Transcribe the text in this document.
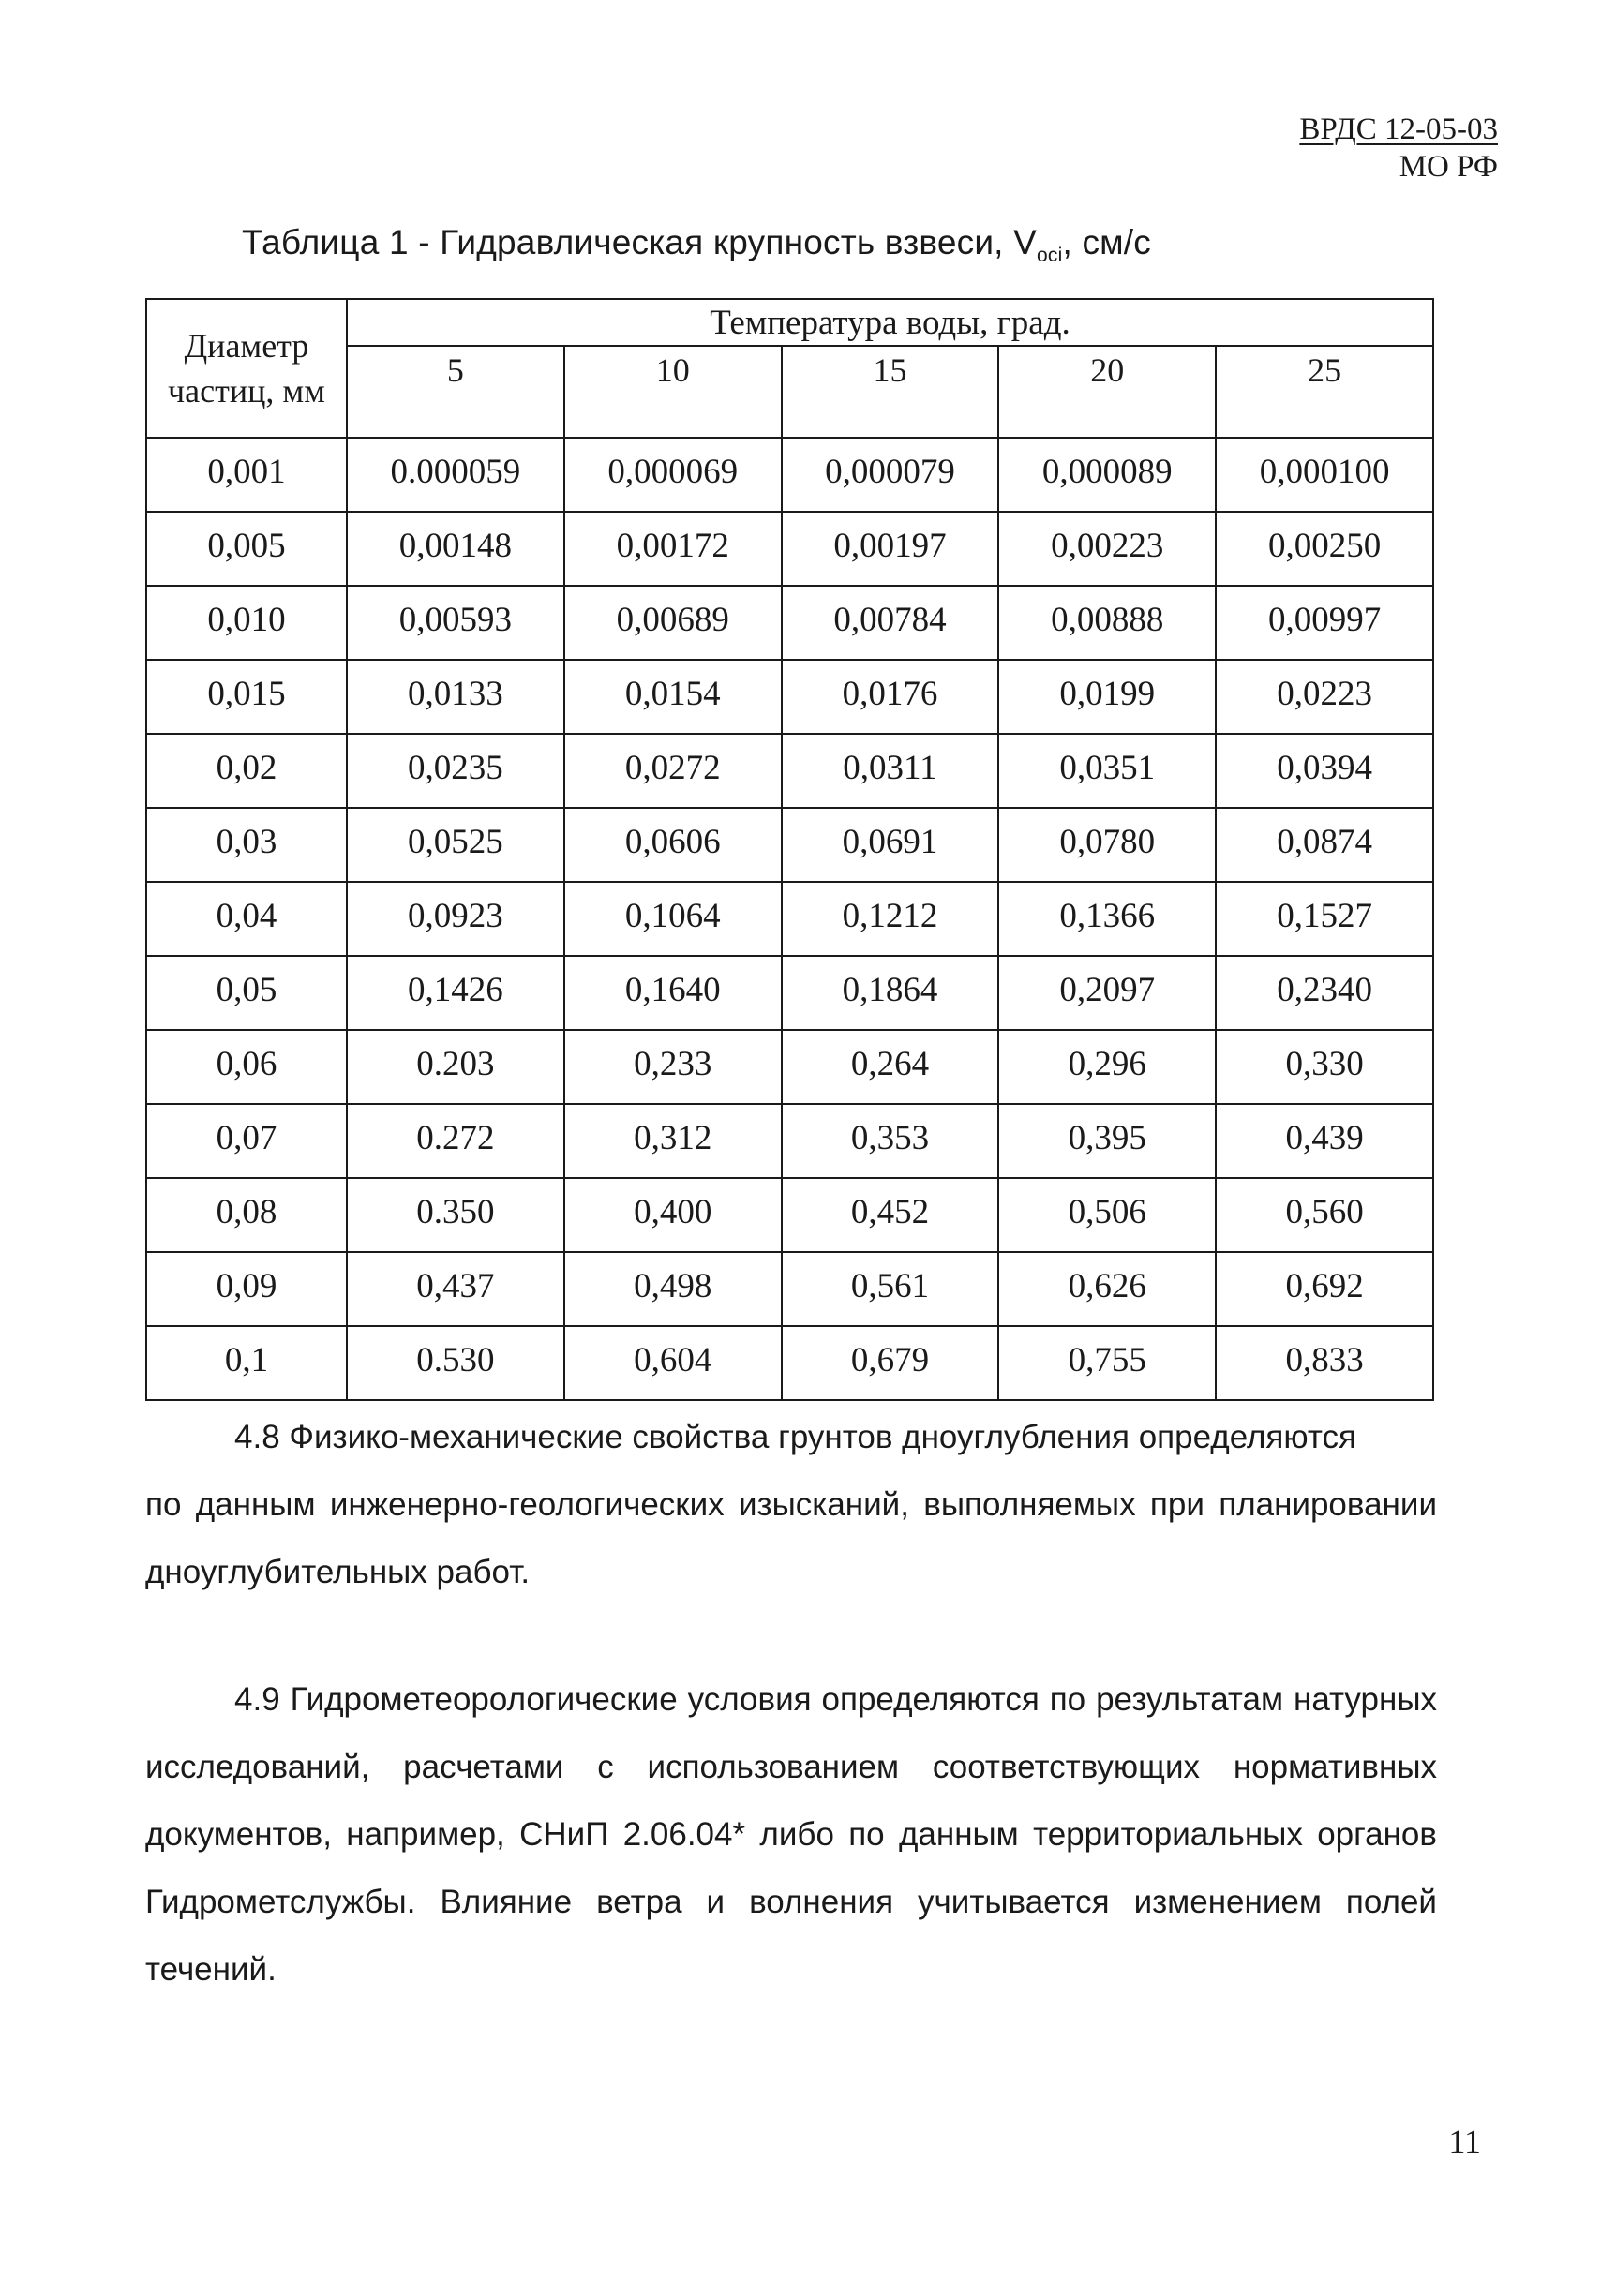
ВРДС 12-05-03
МО РФ
Таблица 1 - Гидравлическая крупность взвеси, $V_{oci}$, см/с
Диаметр частиц, мм	Температура воды, град.				
	5	10	15	20	25
0,001	0.000059	0,000069	0,000079	0,000089	0,000100
0,005	0,00148	0,00172	0,00197	0,00223	0,00250
0,010	0,00593	0,00689	0,00784	0,00888	0,00997
0,015	0,0133	0,0154	0,0176	0,0199	0,0223
0,02	0,0235	0,0272	0,0311	0,0351	0,0394
0,03	0,0525	0,0606	0,0691	0,0780	0,0874
0,04	0,0923	0,1064	0,1212	0,1366	0,1527
0,05	0,1426	0,1640	0,1864	0,2097	0,2340
0,06	0.203	0,233	0,264	0,296	0,330
0,07	0.272	0,312	0,353	0,395	0,439
0,08	0.350	0,400	0,452	0,506	0,560
0,09	0,437	0,498	0,561	0,626	0,692
0,1	0.530	0,604	0,679	0,755	0,833

4.8 Физико-механические свойства грунтов дноуглубления определяются
по данным инженерно-геологических изысканий, выполняемых при планировании дноуглубительных работ.

4.9 Гидрометеорологические условия определяются по результатам натурных исследований, расчетами с использованием соответствующих нормативных документов, например, СНиП 2.06.04* либо по данным территориальных органов Гидрометслужбы. Влияние ветра и волнения учитывается изменением полей течений.

11
